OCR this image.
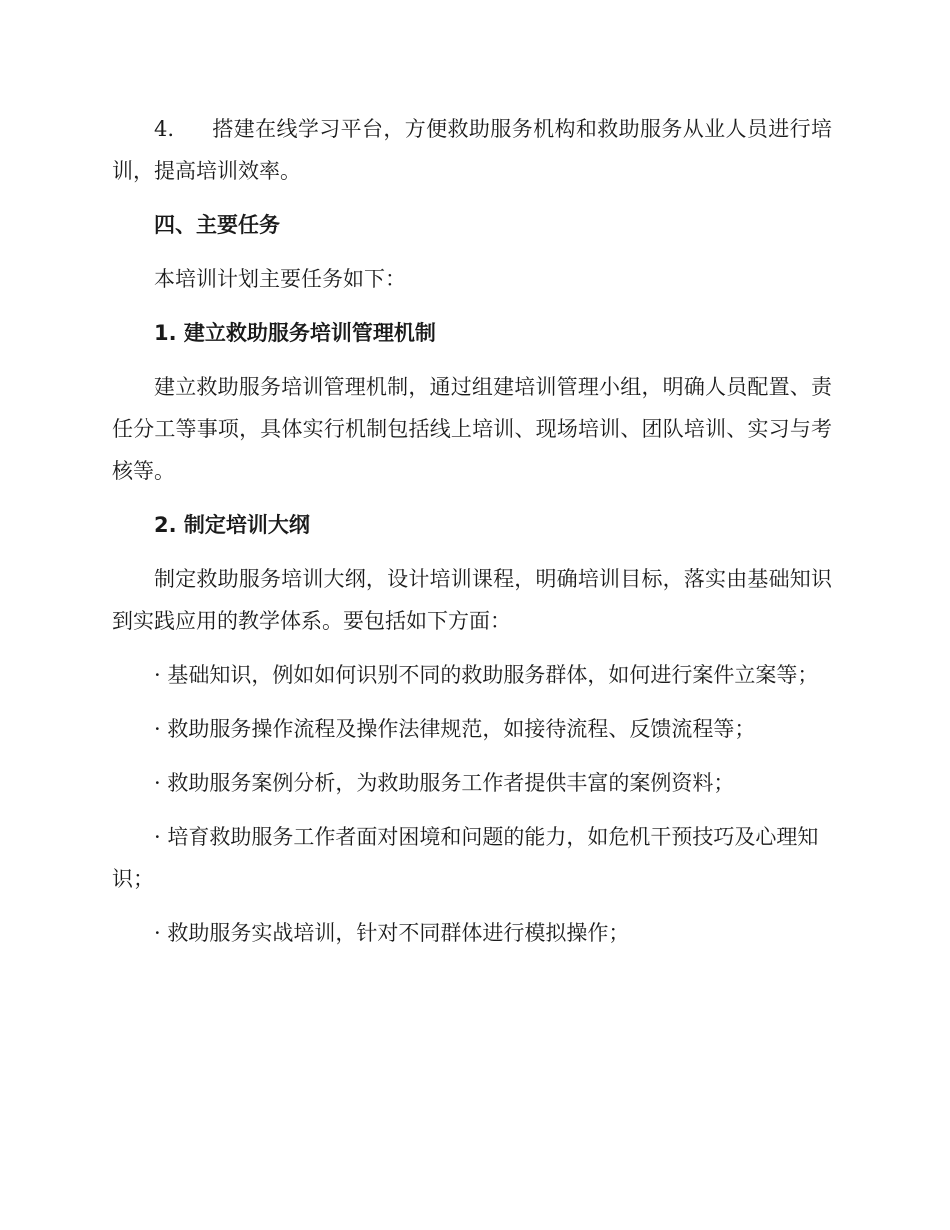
4. 搭建在线学习平台，方便救助服务机构和救助服务从业人员进行培训，提高培训效率。

四、主要任务

本培训计划主要任务如下：

1. 建立救助服务培训管理机制

建立救助服务培训管理机制，通过组建培训管理小组，明确人员配置、责任分工等事项，具体实行机制包括线上培训、现场培训、团队培训、实习与考核等。

2. 制定培训大纲

制定救助服务培训大纲，设计培训课程，明确培训目标，落实由基础知识到实践应用的教学体系。要包括如下方面：

· 基础知识，例如如何识别不同的救助服务群体，如何进行案件立案等；

· 救助服务操作流程及操作法律规范，如接待流程、反馈流程等；

· 救助服务案例分析，为救助服务工作者提供丰富的案例资料；

· 培育救助服务工作者面对困境和问题的能力，如危机干预技巧及心理知识；

· 救助服务实战培训，针对不同群体进行模拟操作；
